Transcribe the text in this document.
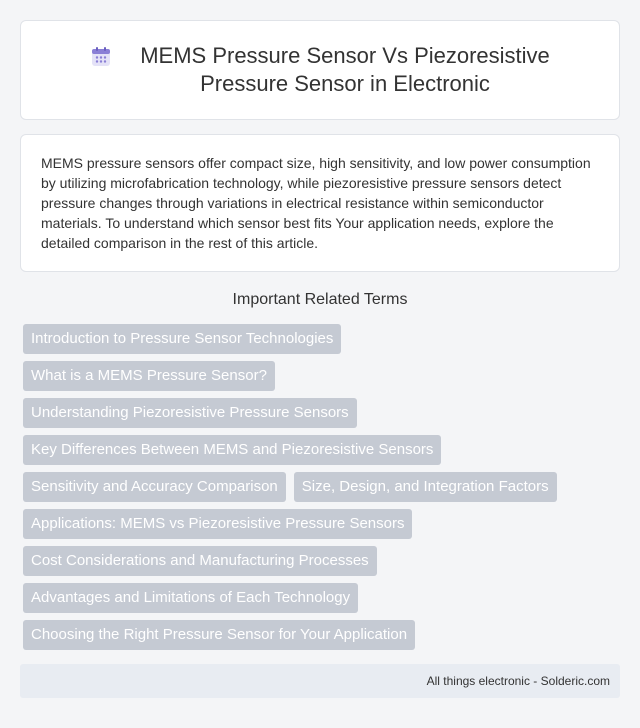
MEMS Pressure Sensor Vs Piezoresistive
Pressure Sensor in Electronic

MEMS pressure sensors offer compact size, high sensitivity, and low power consumption by utilizing microfabrication technology, while piezoresistive pressure sensors detect pressure changes through variations in electrical resistance within semiconductor materials. To understand which sensor best fits Your application needs, explore the detailed comparison in the rest of this article.

Important Related Terms
Introduction to Pressure Sensor Technologies
What is a MEMS Pressure Sensor?
Understanding Piezoresistive Pressure Sensors
Key Differences Between MEMS and Piezoresistive Sensors
Sensitivity and Accuracy Comparison	Size, Design, and Integration Factors
Applications: MEMS vs Piezoresistive Pressure Sensors
Cost Considerations and Manufacturing Processes
Advantages and Limitations of Each Technology
Choosing the Right Pressure Sensor for Your Application
All things electronic - Solderic.com
